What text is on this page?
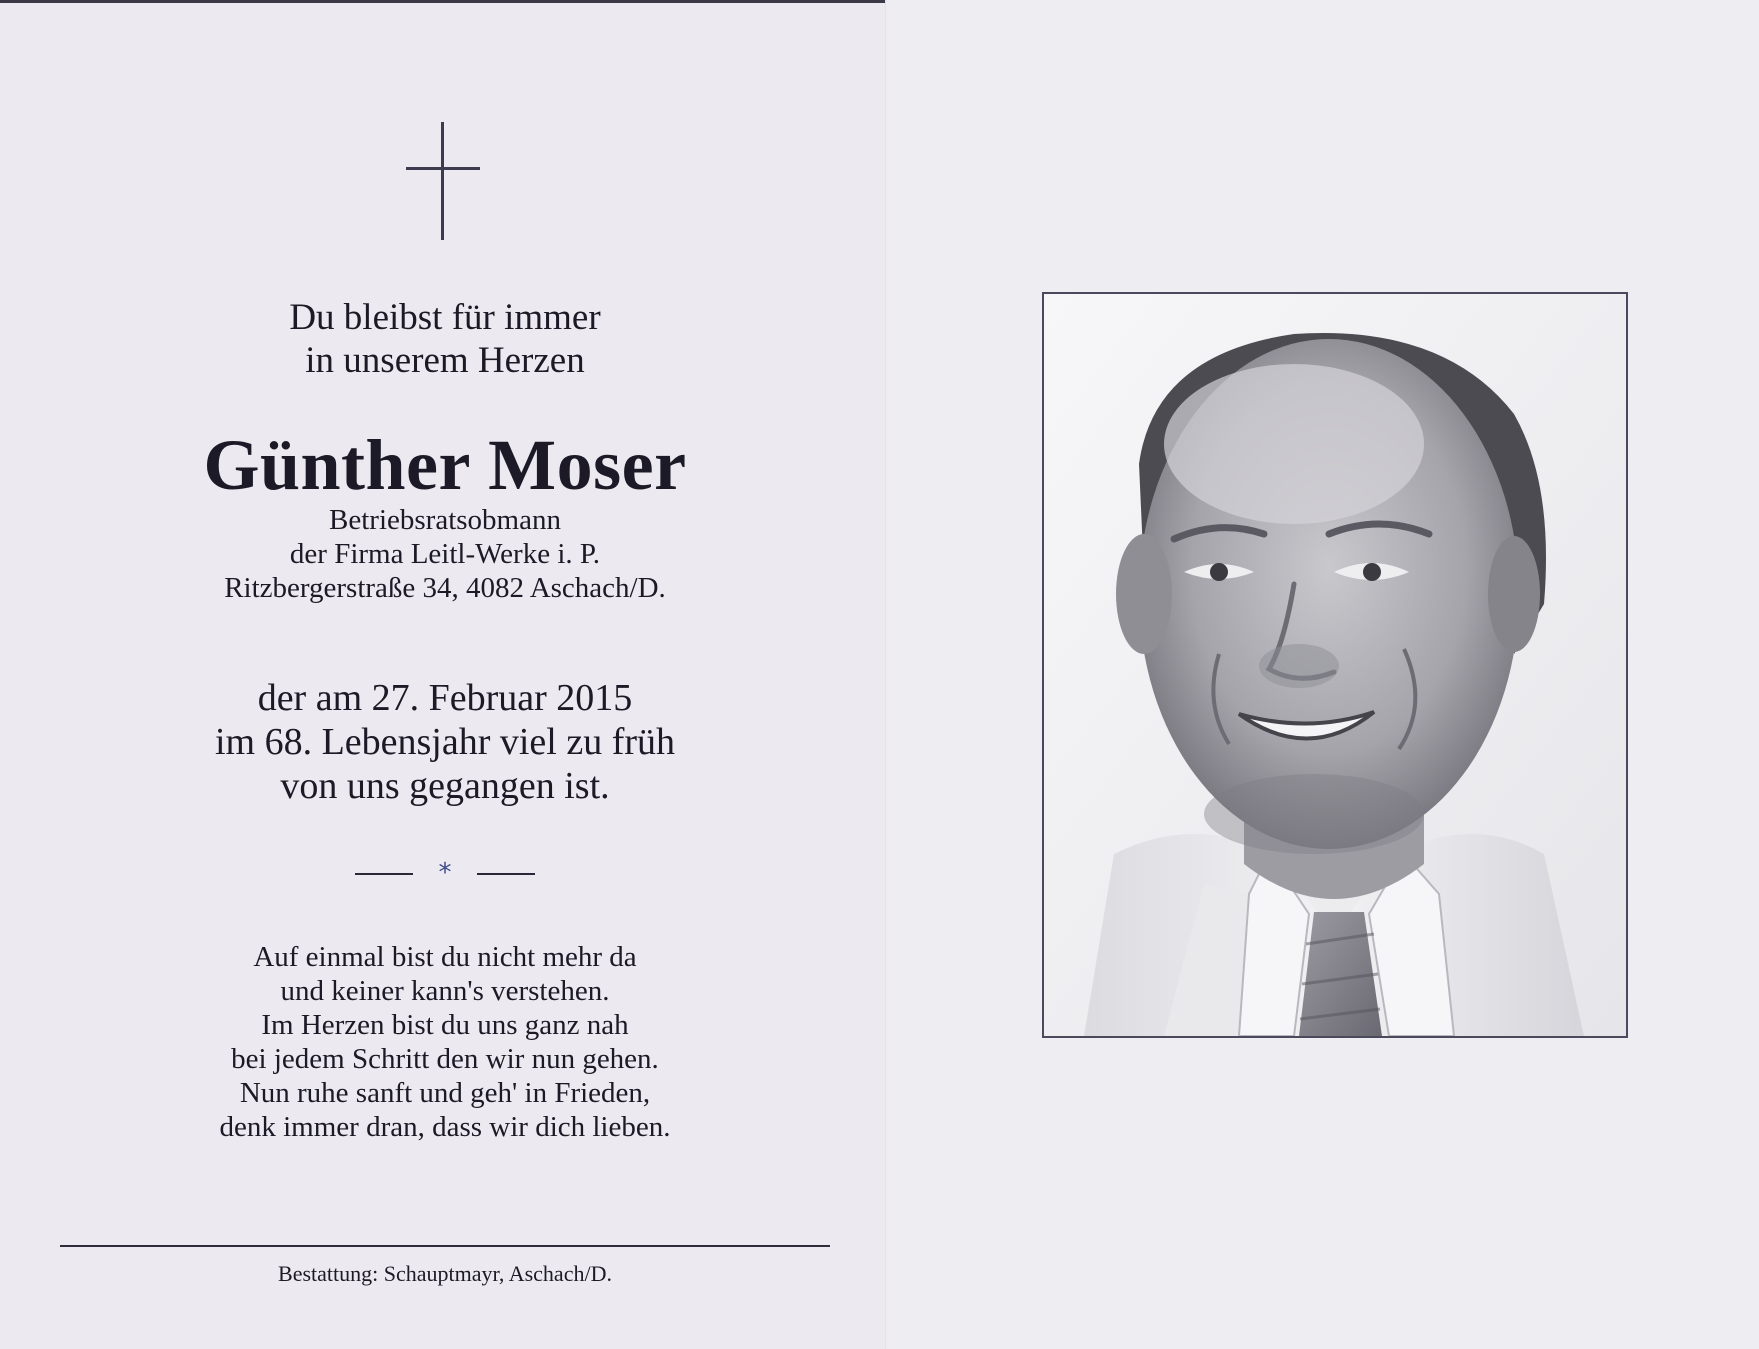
Du bleibst für immer
in unserem Herzen
Günther Moser
Betriebsratsobmann
der Firma Leitl-Werke i. P.
Ritzbergerstraße 34, 4082 Aschach/D.
der am 27. Februar 2015
im 68. Lebensjahr viel zu früh
von uns gegangen ist.
*
Auf einmal bist du nicht mehr da
und keiner kann's verstehen.
Im Herzen bist du uns ganz nah
bei jedem Schritt den wir nun gehen.
Nun ruhe sanft und geh' in Frieden,
denk immer dran, dass wir dich lieben.
Bestattung: Schauptmayr, Aschach/D.
